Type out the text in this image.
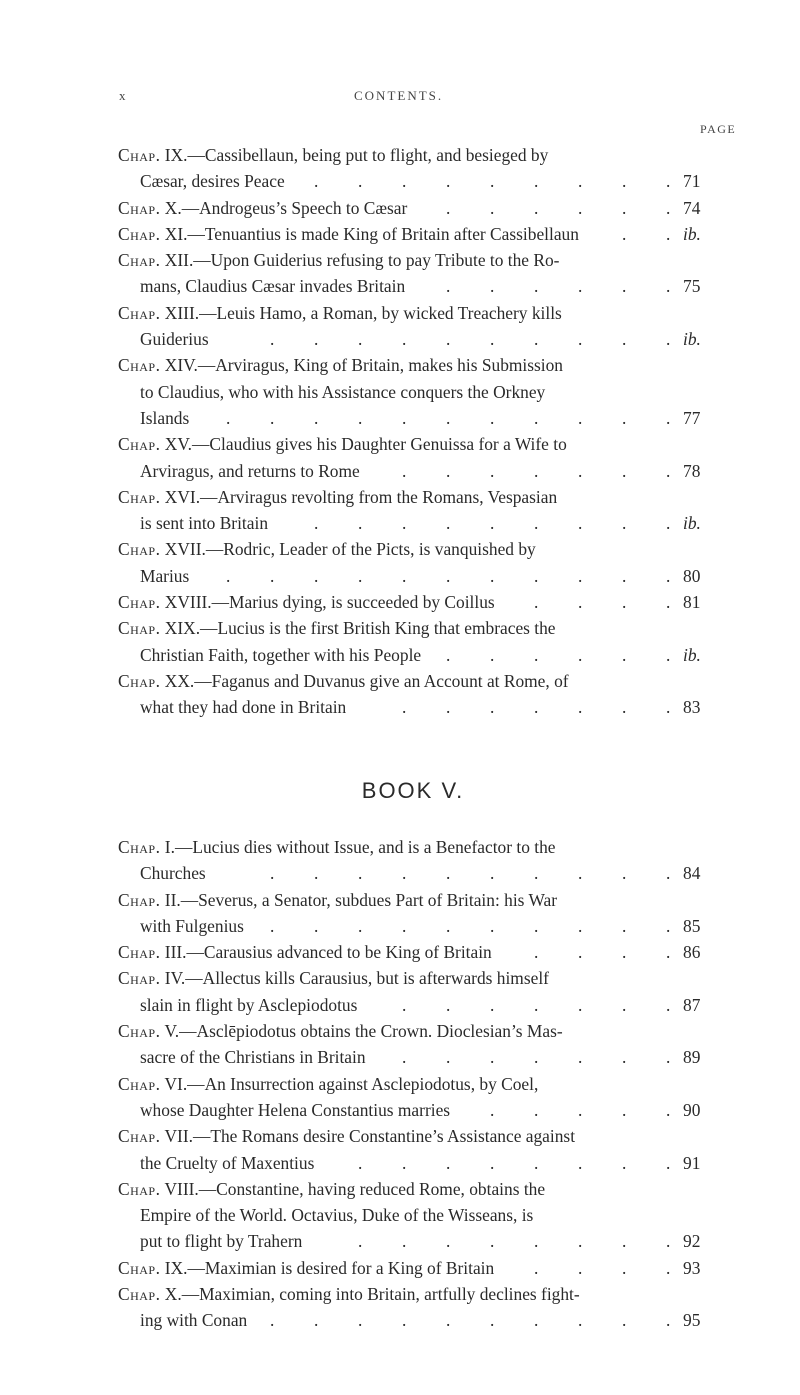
x	CONTENTS.
PAGE
Chap. IX.—Cassibellaun, being put to flight, and besieged by
Cæsar, desires Peace	71
.
.
.
.
.
.
.
.
.
Chap. X.—Androgeus’s Speech to Cæsar	74
.
.
.
.
.
.
Chap. XI.—Tenuantius is made King of Britain after Cassibellaun	ib.
.
.
Chap. XII.—Upon Guiderius refusing to pay Tribute to the Ro-
mans, Claudius Cæsar invades Britain	75
.
.
.
.
.
.
Chap. XIII.—Leuis Hamo, a Roman, by wicked Treachery kills
Guiderius	ib.
.
.
.
.
.
.
.
.
.
.
Chap. XIV.—Arviragus, King of Britain, makes his Submission
to Claudius, who with his Assistance conquers the Orkney
Islands	77
.
.
.
.
.
.
.
.
.
.
.
Chap. XV.—Claudius gives his Daughter Genuissa for a Wife to
Arviragus, and returns to Rome	78
.
.
.
.
.
.
.
Chap. XVI.—Arviragus revolting from the Romans, Vespasian
is sent into Britain	ib.
.
.
.
.
.
.
.
.
.
Chap. XVII.—Rodric, Leader of the Picts, is vanquished by
Marius	80
.
.
.
.
.
.
.
.
.
.
.
Chap. XVIII.—Marius dying, is succeeded by Coillus	81
.
.
.
.
Chap. XIX.—Lucius is the first British King that embraces the
Christian Faith, together with his People	ib.
.
.
.
.
.
.
Chap. XX.—Faganus and Duvanus give an Account at Rome, of
what they had done in Britain	83
.
.
.
.
.
.
.
BOOK V.
Chap. I.—Lucius dies without Issue, and is a Benefactor to the
Churches	84
.
.
.
.
.
.
.
.
.
.
Chap. II.—Severus, a Senator, subdues Part of Britain: his War
with Fulgenius	85
.
.
.
.
.
.
.
.
.
.
Chap. III.—Carausius advanced to be King of Britain	86
.
.
.
.
Chap. IV.—Allectus kills Carausius, but is afterwards himself
slain in flight by Asclepiodotus	87
.
.
.
.
.
.
.
Chap. V.—Asclēpiodotus obtains the Crown. Dioclesian’s Mas-
sacre of the Christians in Britain	89
.
.
.
.
.
.
.
Chap. VI.—An Insurrection against Asclepiodotus, by Coel,
whose Daughter Helena Constantius marries	90
.
.
.
.
.
Chap. VII.—The Romans desire Constantine’s Assistance against
the Cruelty of Maxentius	91
.
.
.
.
.
.
.
.
Chap. VIII.—Constantine, having reduced Rome, obtains the
Empire of the World. Octavius, Duke of the Wisseans, is
put to flight by Trahern	92
.
.
.
.
.
.
.
.
Chap. IX.—Maximian is desired for a King of Britain	93
.
.
.
.
Chap. X.—Maximian, coming into Britain, artfully declines fight-
ing with Conan	95
.
.
.
.
.
.
.
.
.
.
